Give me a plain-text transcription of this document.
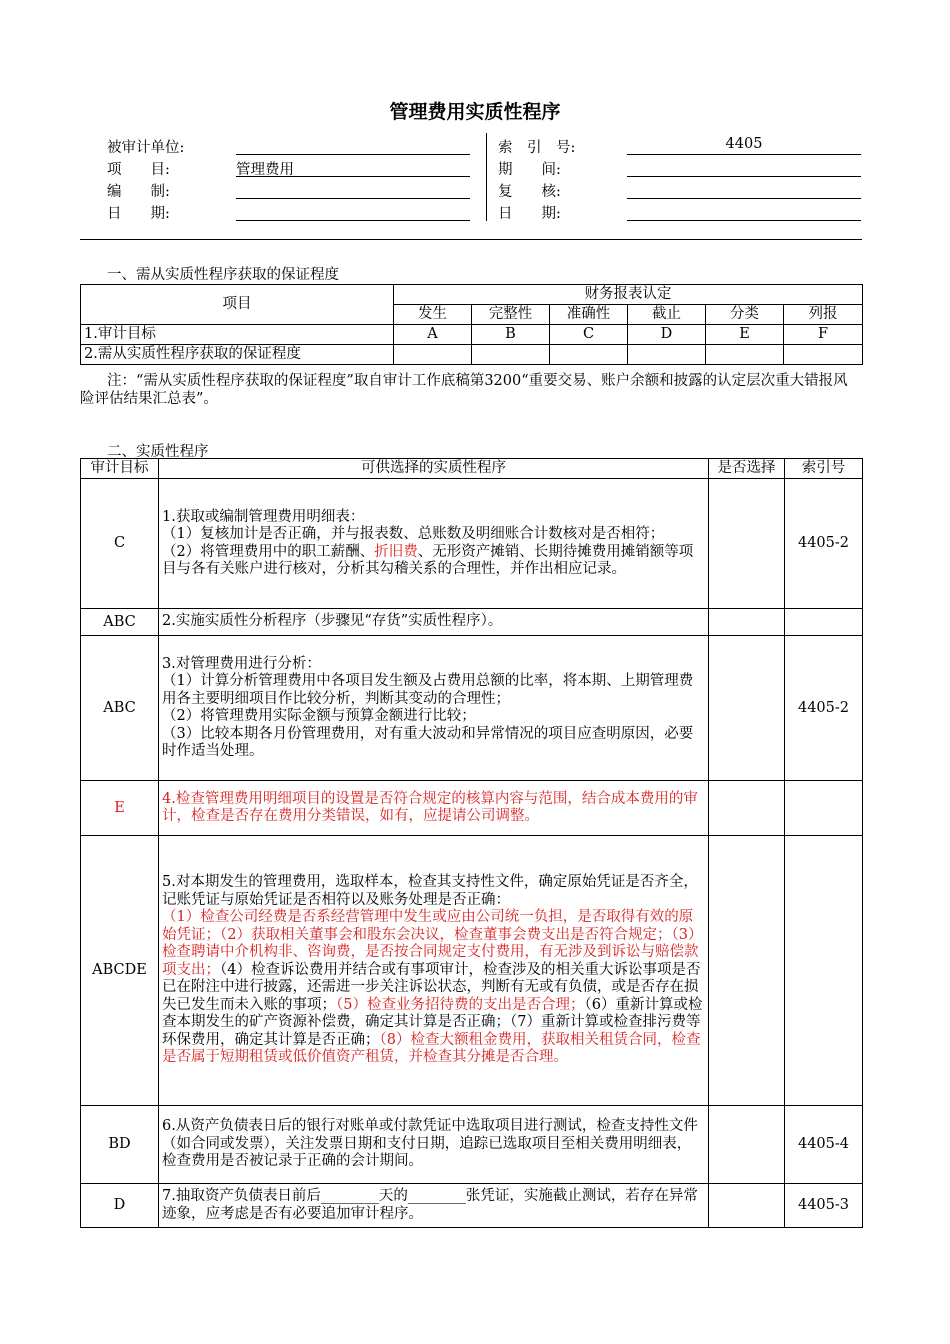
管理费用实质性程序
被审计单位:
项　　目:	管理费用
编　　制:
日　　期:
索　引　号:	4405
期　　间:
复　　核:
日　　期:
一、需从实质性程序获取的保证程度
项目	财务报表认定					
	发生	完整性	准确性	截止	分类	列报
1.审计目标	A	B	C	D	E	F
2.需从实质性程序获取的保证程度						
注：“需从实质性程序获取的保证程度”取自审计工作底稿第3200“重要交易、账户余额和披露的认定层次重大错报风险评估结果汇总表”。
二、实质性程序
审计目标	可供选择的实质性程序	是否选择	索引号
C	1.获取或编制管理费用明细表：
（1）复核加计是否正确，并与报表数、总账数及明细账合计数核对是否相符；
（2）将管理费用中的职工薪酬、折旧费、无形资产摊销、长期待摊费用摊销额等项目与各有关账户进行核对，分析其勾稽关系的合理性，并作出相应记录。		4405-2
ABC	2.实施实质性分析程序（步骤见“存货”实质性程序）。		
ABC	3.对管理费用进行分析：
（1）计算分析管理费用中各项目发生额及占费用总额的比率，将本期、上期管理费用各主要明细项目作比较分析，判断其变动的合理性；
（2）将管理费用实际金额与预算金额进行比较；
（3）比较本期各月份管理费用，对有重大波动和异常情况的项目应查明原因，必要时作适当处理。		4405-2
E	4.检查管理费用明细项目的设置是否符合规定的核算内容与范围，结合成本费用的审计，检查是否存在费用分类错误，如有，应提请公司调整。		
ABCDE	5.对本期发生的管理费用，选取样本，检查其支持性文件，确定原始凭证是否齐全，记账凭证与原始凭证是否相符以及账务处理是否正确：
（1）检查公司经费是否系经营管理中发生或应由公司统一负担，是否取得有效的原始凭证；（2）获取相关董事会和股东会决议，检查董事会费支出是否符合规定；（3）检查聘请中介机构非、咨询费，是否按合同规定支付费用，有无涉及到诉讼与赔偿款项支出；（4）检查诉讼费用并结合或有事项审计，检查涉及的相关重大诉讼事项是否已在附注中进行披露，还需进一步关注诉讼状态，判断有无或有负债，或是否存在损失已发生而未入账的事项；（5）检查业务招待费的支出是否合理；（6）重新计算或检查本期发生的矿产资源补偿费，确定其计算是否正确；（7）重新计算或检查排污费等环保费用，确定其计算是否正确；（8）检查大额租金费用，获取相关租赁合同，检查是否属于短期租赁或低价值资产租赁，并检查其分摊是否合理。		
BD	6.从资产负债表日后的银行对账单或付款凭证中选取项目进行测试，检查支持性文件（如合同或发票），关注发票日期和支付日期，追踪已选取项目至相关费用明细表，检查费用是否被记录于正确的会计期间。		4405-4
D	7.抽取资产负债表日前后________天的________张凭证，实施截止测试，若存在异常迹象，应考虑是否有必要追加审计程序。		4405-3
